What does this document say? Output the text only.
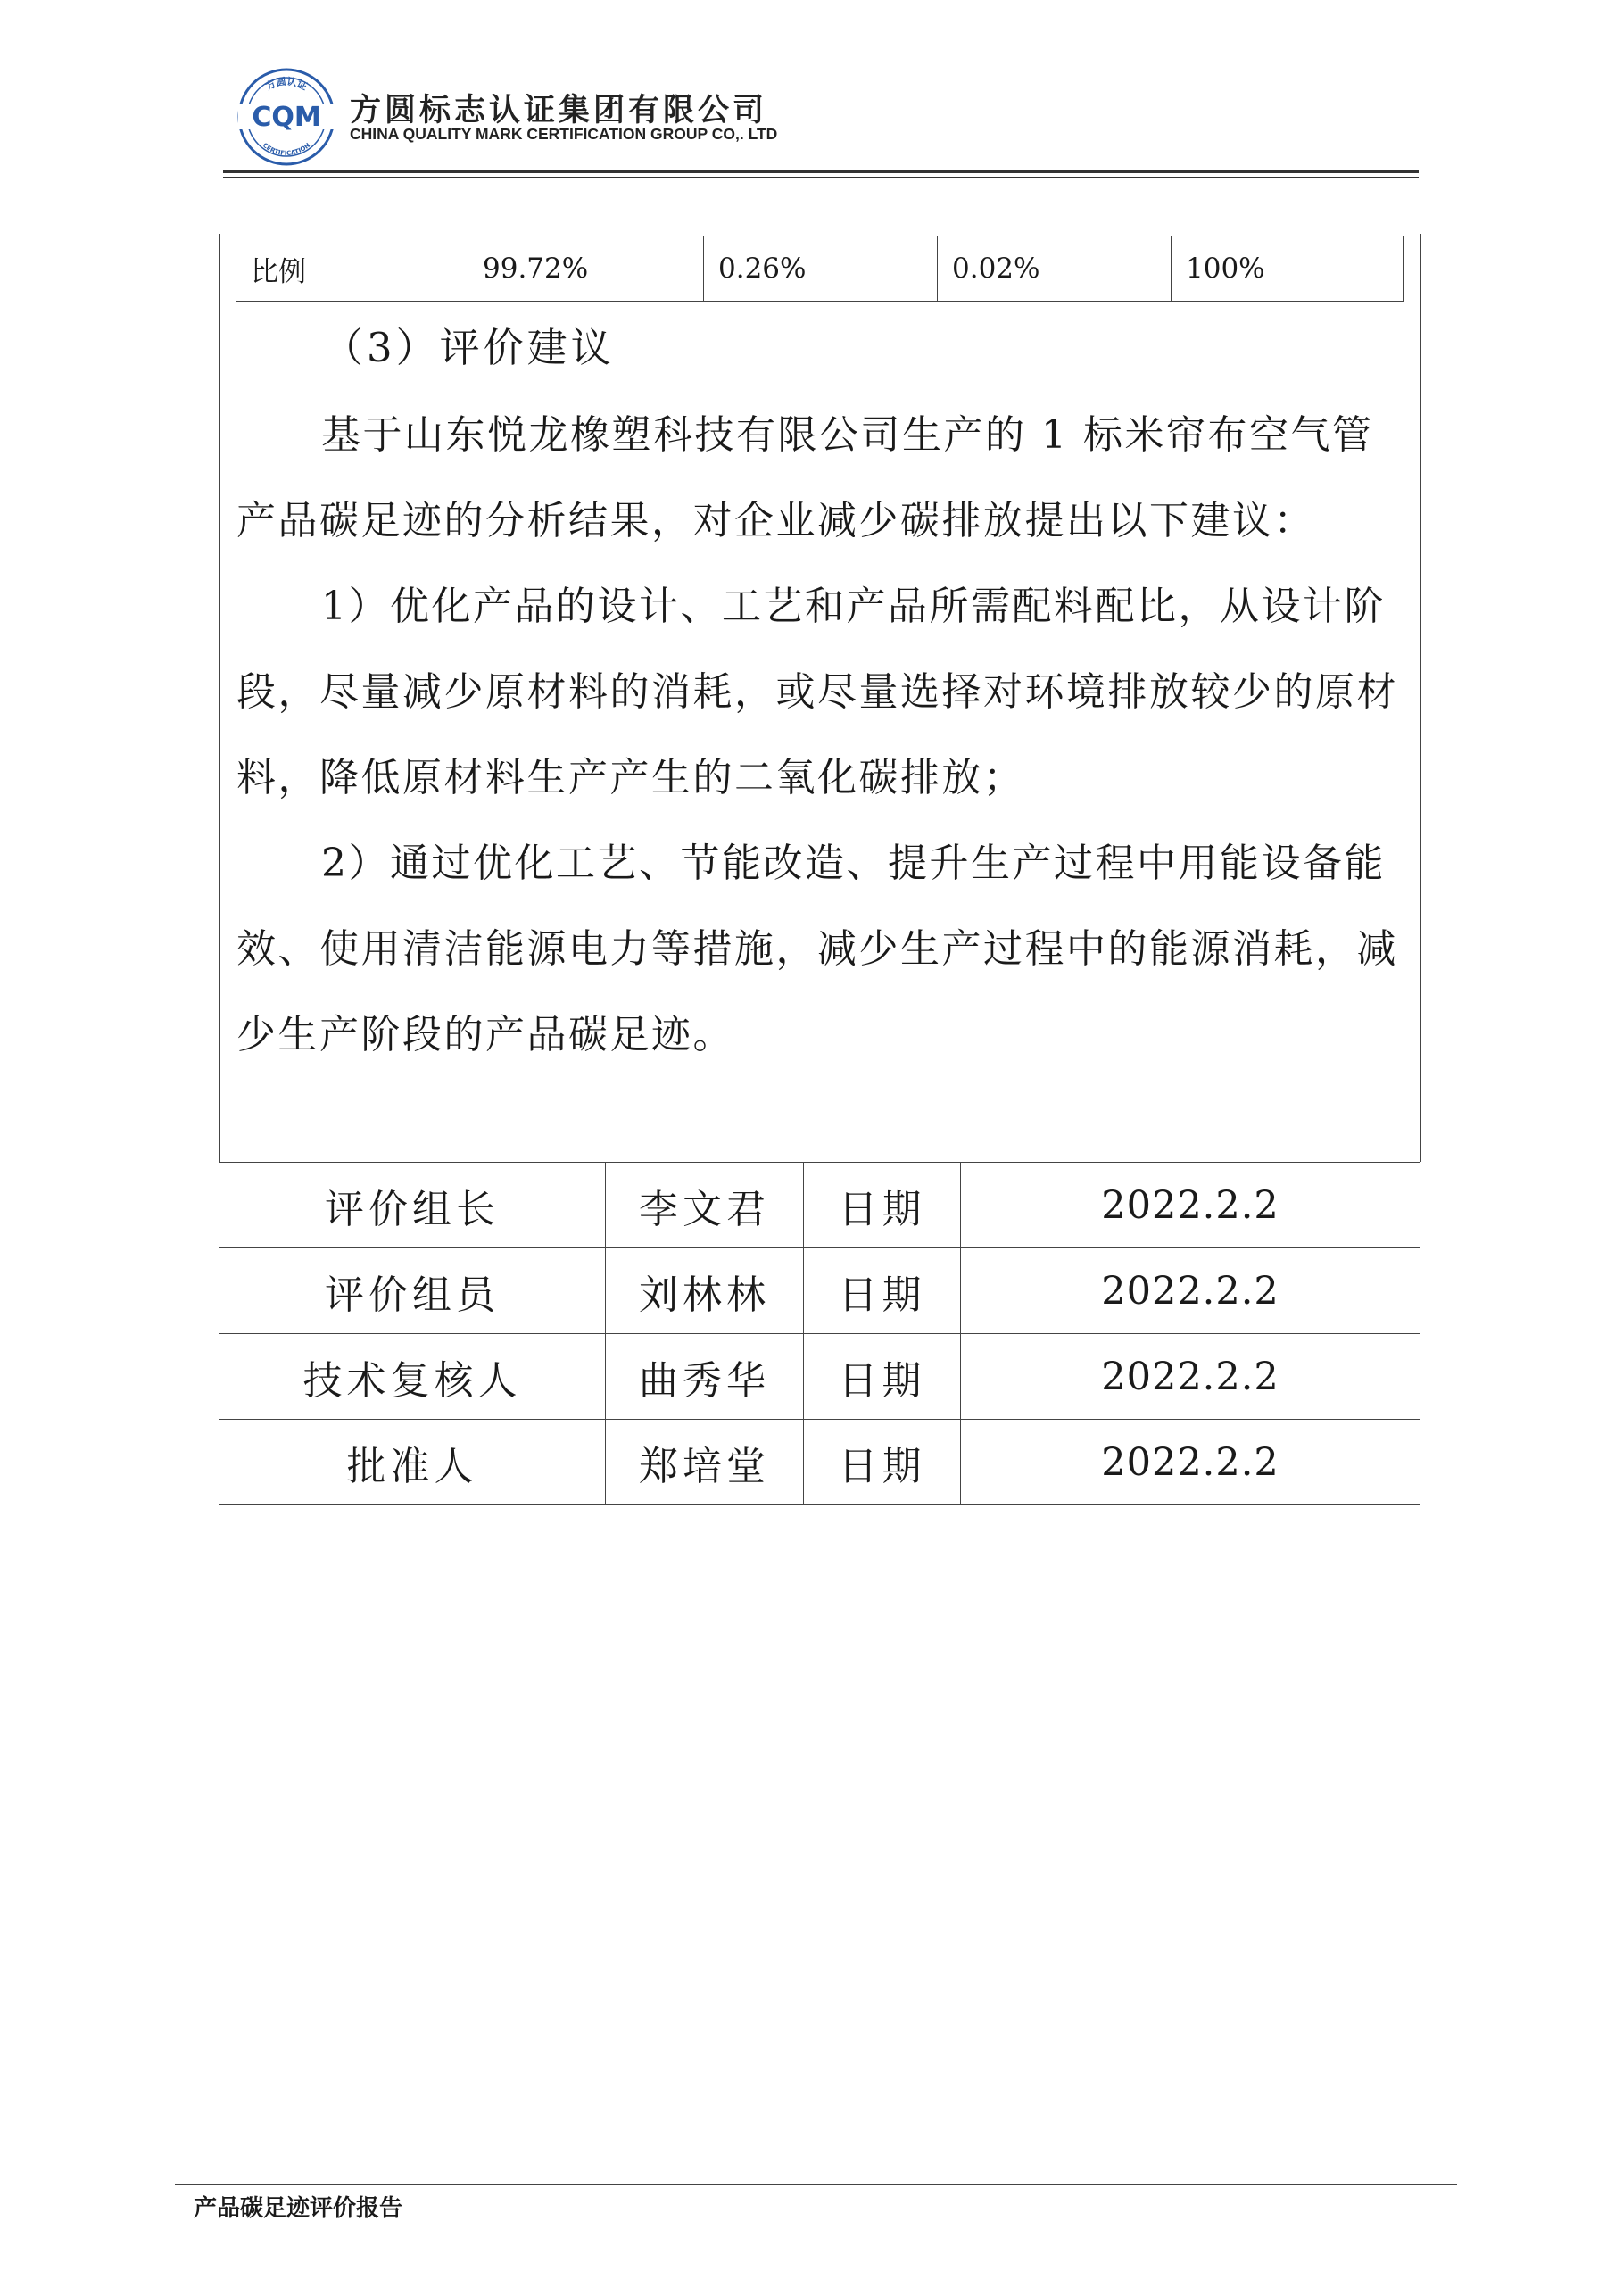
方圆认证
CERTIFICATION
CQM 方圆标志认证集团有限公司
CHINA QUALITY MARK CERTIFICATION GROUP CO,. LTD
比例	99.72%	0.26%	0.02%	100%
（3）评价建议

基于山东悦龙橡塑科技有限公司生产的 1 标米帘布空气管产品碳足迹的分析结果，对企业减少碳排放提出以下建议：

1）优化产品的设计、工艺和产品所需配料配比，从设计阶段，尽量减少原材料的消耗，或尽量选择对环境排放较少的原材料，降低原材料生产产生的二氧化碳排放；

2）通过优化工艺、节能改造、提升生产过程中用能设备能效、使用清洁能源电力等措施，减少生产过程中的能源消耗，减少生产阶段的产品碳足迹。

评价组长	李文君	日期	2022.2.2
评价组员	刘林林	日期	2022.2.2
技术复核人	曲秀华	日期	2022.2.2
批准人	郑培堂	日期	2022.2.2
产品碳足迹评价报告
